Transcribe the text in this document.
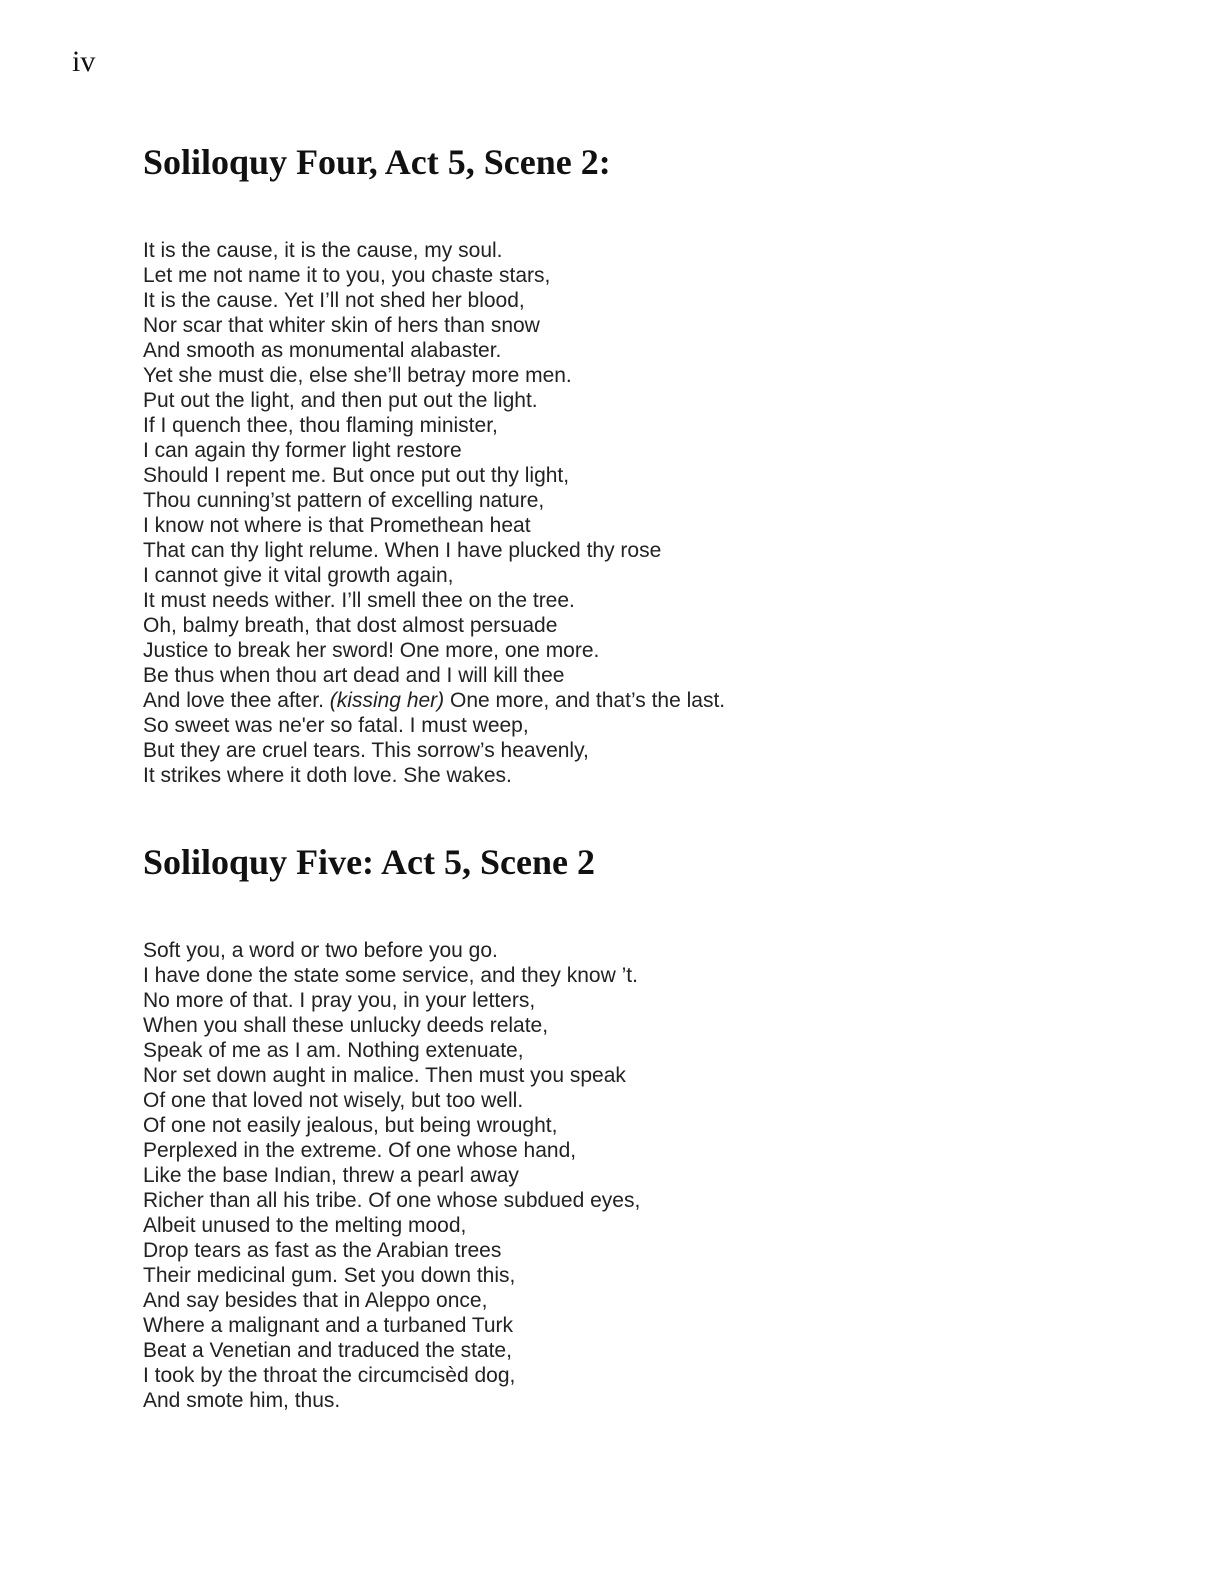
iv
Soliloquy Four, Act 5, Scene 2:
It is the cause, it is the cause, my soul.
Let me not name it to you, you chaste stars,
It is the cause. Yet I’ll not shed her blood,
Nor scar that whiter skin of hers than snow
And smooth as monumental alabaster.
Yet she must die, else she’ll betray more men.
Put out the light, and then put out the light.
If I quench thee, thou flaming minister,
I can again thy former light restore
Should I repent me. But once put out thy light,
Thou cunning’st pattern of excelling nature,
I know not where is that Promethean heat
That can thy light relume. When I have plucked thy rose
I cannot give it vital growth again,
It must needs wither. I’ll smell thee on the tree.
Oh, balmy breath, that dost almost persuade
Justice to break her sword! One more, one more.
Be thus when thou art dead and I will kill thee
And love thee after. (kissing her) One more, and that’s the last.
So sweet was ne'er so fatal. I must weep,
But they are cruel tears. This sorrow’s heavenly,
It strikes where it doth love. She wakes.
Soliloquy Five: Act 5, Scene 2
Soft you, a word or two before you go.
I have done the state some service, and they know ’t.
No more of that. I pray you, in your letters,
When you shall these unlucky deeds relate,
Speak of me as I am. Nothing extenuate,
Nor set down aught in malice. Then must you speak
Of one that loved not wisely, but too well.
Of one not easily jealous, but being wrought,
Perplexed in the extreme. Of one whose hand,
Like the base Indian, threw a pearl away
Richer than all his tribe. Of one whose subdued eyes,
Albeit unused to the melting mood,
Drop tears as fast as the Arabian trees
Their medicinal gum. Set you down this,
And say besides that in Aleppo once,
Where a malignant and a turbaned Turk
Beat a Venetian and traduced the state,
I took by the throat the circumcisèd dog,
And smote him, thus.
